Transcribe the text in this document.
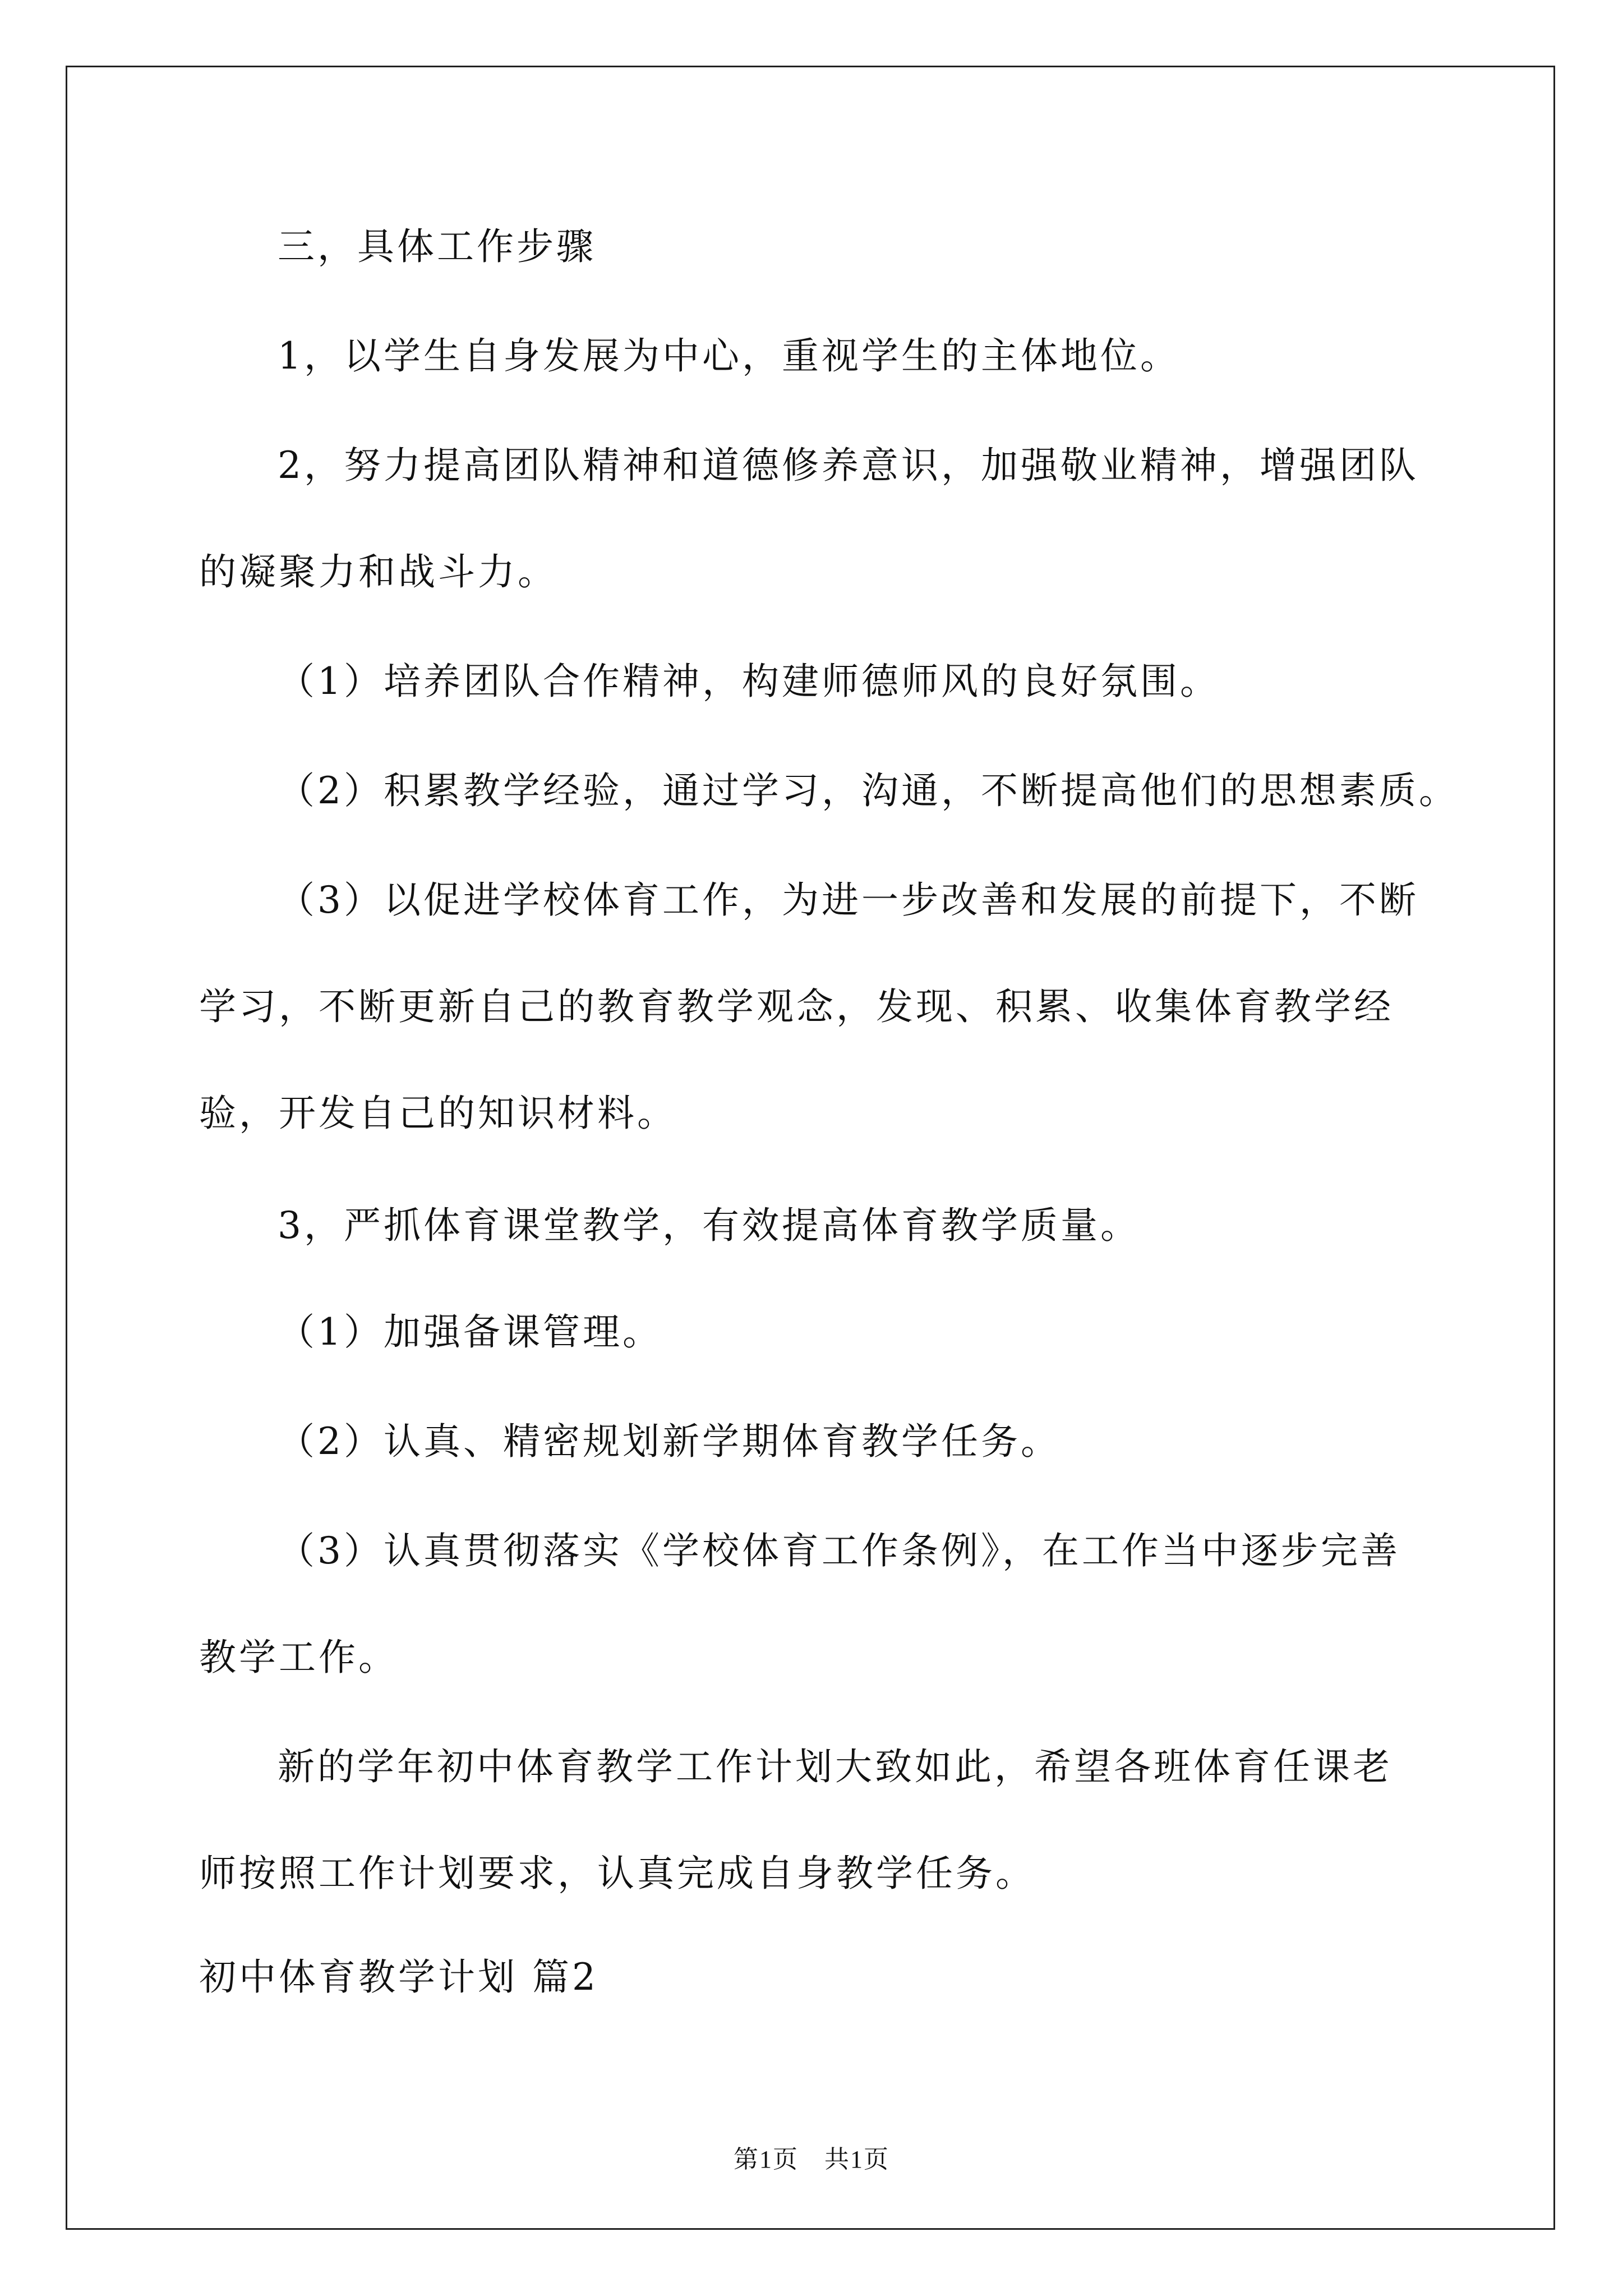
三，具体工作步骤
1，以学生自身发展为中心，重视学生的主体地位。
2，努力提高团队精神和道德修养意识，加强敬业精神，增强团队
的凝聚力和战斗力。
（1）培养团队合作精神，构建师德师风的良好氛围。
（2）积累教学经验，通过学习，沟通，不断提高他们的思想素质。
（3）以促进学校体育工作，为进一步改善和发展的前提下，不断
学习，不断更新自己的教育教学观念，发现、积累、收集体育教学经
验，开发自己的知识材料。
3，严抓体育课堂教学，有效提高体育教学质量。
（1）加强备课管理。
（2）认真、精密规划新学期体育教学任务。
（3）认真贯彻落实《学校体育工作条例》，在工作当中逐步完善
教学工作。
新的学年初中体育教学工作计划大致如此，希望各班体育任课老
师按照工作计划要求，认真完成自身教学任务。
初中体育教学计划 篇2
第1页　共1页
